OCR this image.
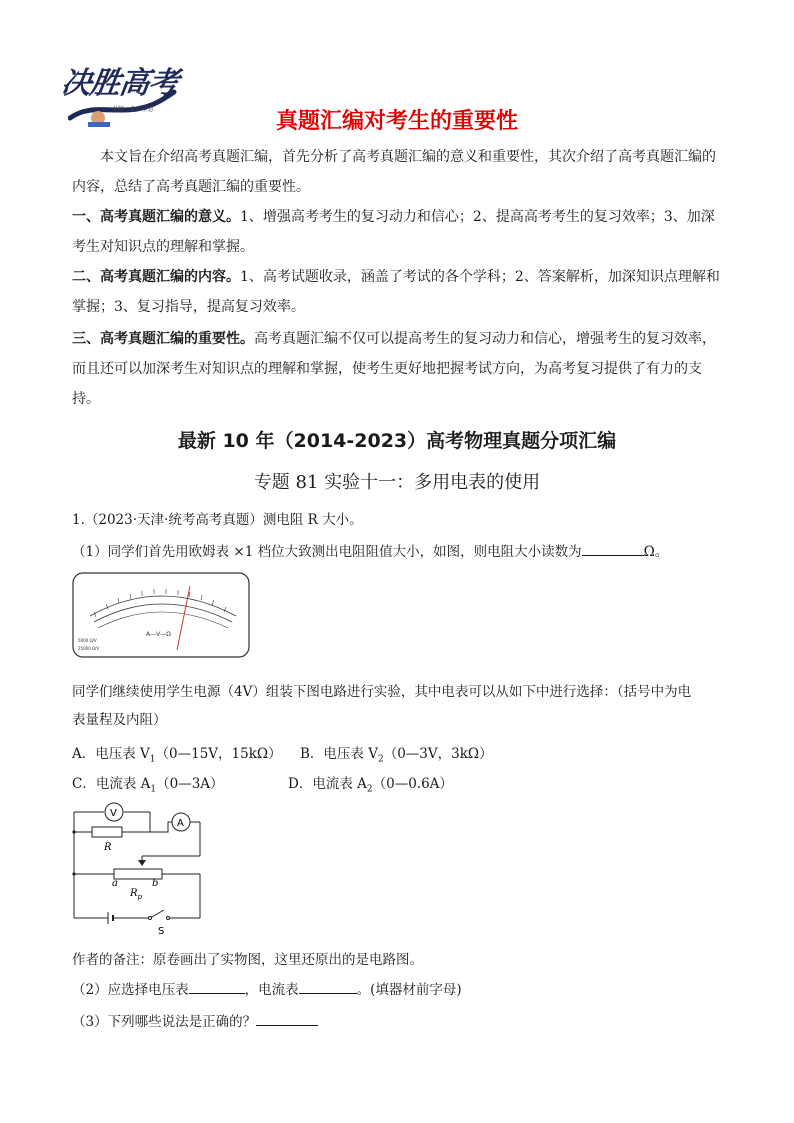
决胜高考
名师 · 全心全意	真题汇编对考生的重要性
本文旨在介绍高考真题汇编，首先分析了高考真题汇编的意义和重要性，其次介绍了高考真题汇编的内容，总结了高考真题汇编的重要性。
一、高考真题汇编的意义。1、增强高考考生的复习动力和信心；2、提高高考考生的复习效率；3、加深考生对知识点的理解和掌握。
二、高考真题汇编的内容。1、高考试题收录，涵盖了考试的各个学科；2、答案解析，加深知识点理解和掌握；3、复习指导，提高复习效率。
三、高考真题汇编的重要性。高考真题汇编不仅可以提高考生的复习动力和信心，增强考生的复习效率，而且还可以加深考生对知识点的理解和掌握，使考生更好地把握考试方向，为高考复习提供了有力的支持。
最新 10 年（2014-2023）高考物理真题分项汇编
专题 81 实验十一：多用电表的使用
1.（2023·天津·统考高考真题）测电阻 R 大小。
（1）同学们首先用欧姆表 ×1 档位大致测出电阻阻值大小，如图，则电阻大小读数为	Ω。
A—V—Ω
5000 Ω/V
25000 Ω/V
同学们继续使用学生电源（4V）组装下图电路进行实验，其中电表可以从如下中进行选择：（括号中为电
表量程及内阻）
A．电压表 $V_1(0—15V$，15kΩ） B．电压表 $V_2(0—3V$，3kΩ）
C．电流表 $A_1(0—3A)$	D．电流表 $A_2(0—0.6A)$
V
A
R
a	b
$R_p$
S
作者的备注：原卷画出了实物图，这里还原出的是电路图。
（2）应选择电压表	，电流表	。(填器材前字母)
（3）下列哪些说法是正确的？
